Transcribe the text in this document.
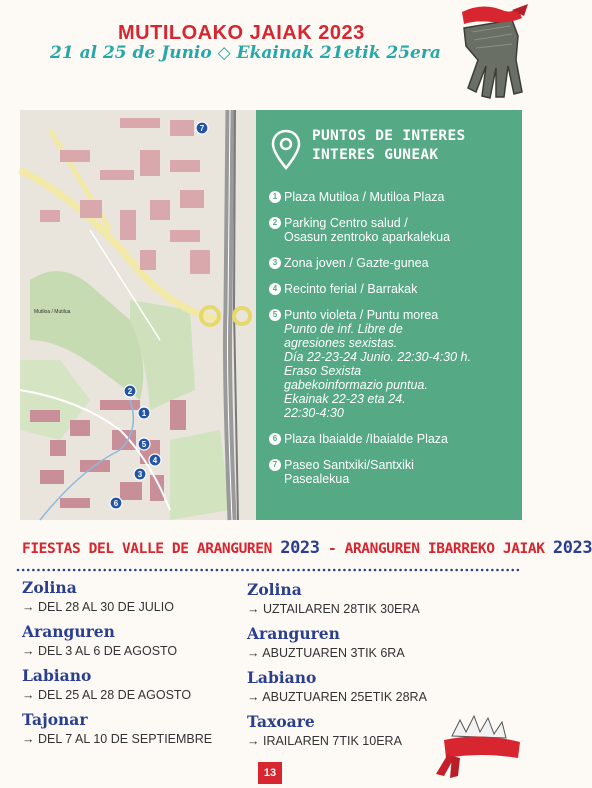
MUTILOAKO JAIAK 2023
21 al 25 de Junio ◇ Ekainak 21etik 25era
Mutiloa / Mutilua
7
2
1
5
4
3
6
PUNTOS DE INTERES
INTERES GUNEAK
1 Plaza Mutiloa / Mutiloa Plaza
2 Parking Centro salud /
Osasun zentroko aparkalekua
3 Zona joven / Gazte-gunea
4 Recinto ferial / Barrakak
5 Punto violeta / Puntu morea
Punto de inf. Libre de
agresiones sexistas.
Día 22-23-24 Junio. 22:30-4:30 h.
Eraso Sexista
gabekoinformazio puntua.
Ekainak 22-23 eta 24.
22:30-4:30
6 Plaza Ibaialde /Ibaialde Plaza
7 Paseo Santxiki/Santxiki
Pasealekua
FIESTAS DEL VALLE DE ARANGUREN 2023 - ARANGUREN IBARREKO JAIAK 2023
Zolina
→ DEL 28 AL 30 DE JULIO
Aranguren
→ DEL 3 AL 6 DE AGOSTO
Labiano
→ DEL 25 AL 28 DE AGOSTO
Tajonar
→ DEL 7 AL 10 DE SEPTIEMBRE
Zolina
→ UZTAILAREN 28TIK 30ERA
Aranguren
→ ABUZTUAREN 3TIK 6RA
Labiano
→ ABUZTUAREN 25ETIK 28RA
Taxoare
→ IRAILAREN 7TIK 10ERA
13
